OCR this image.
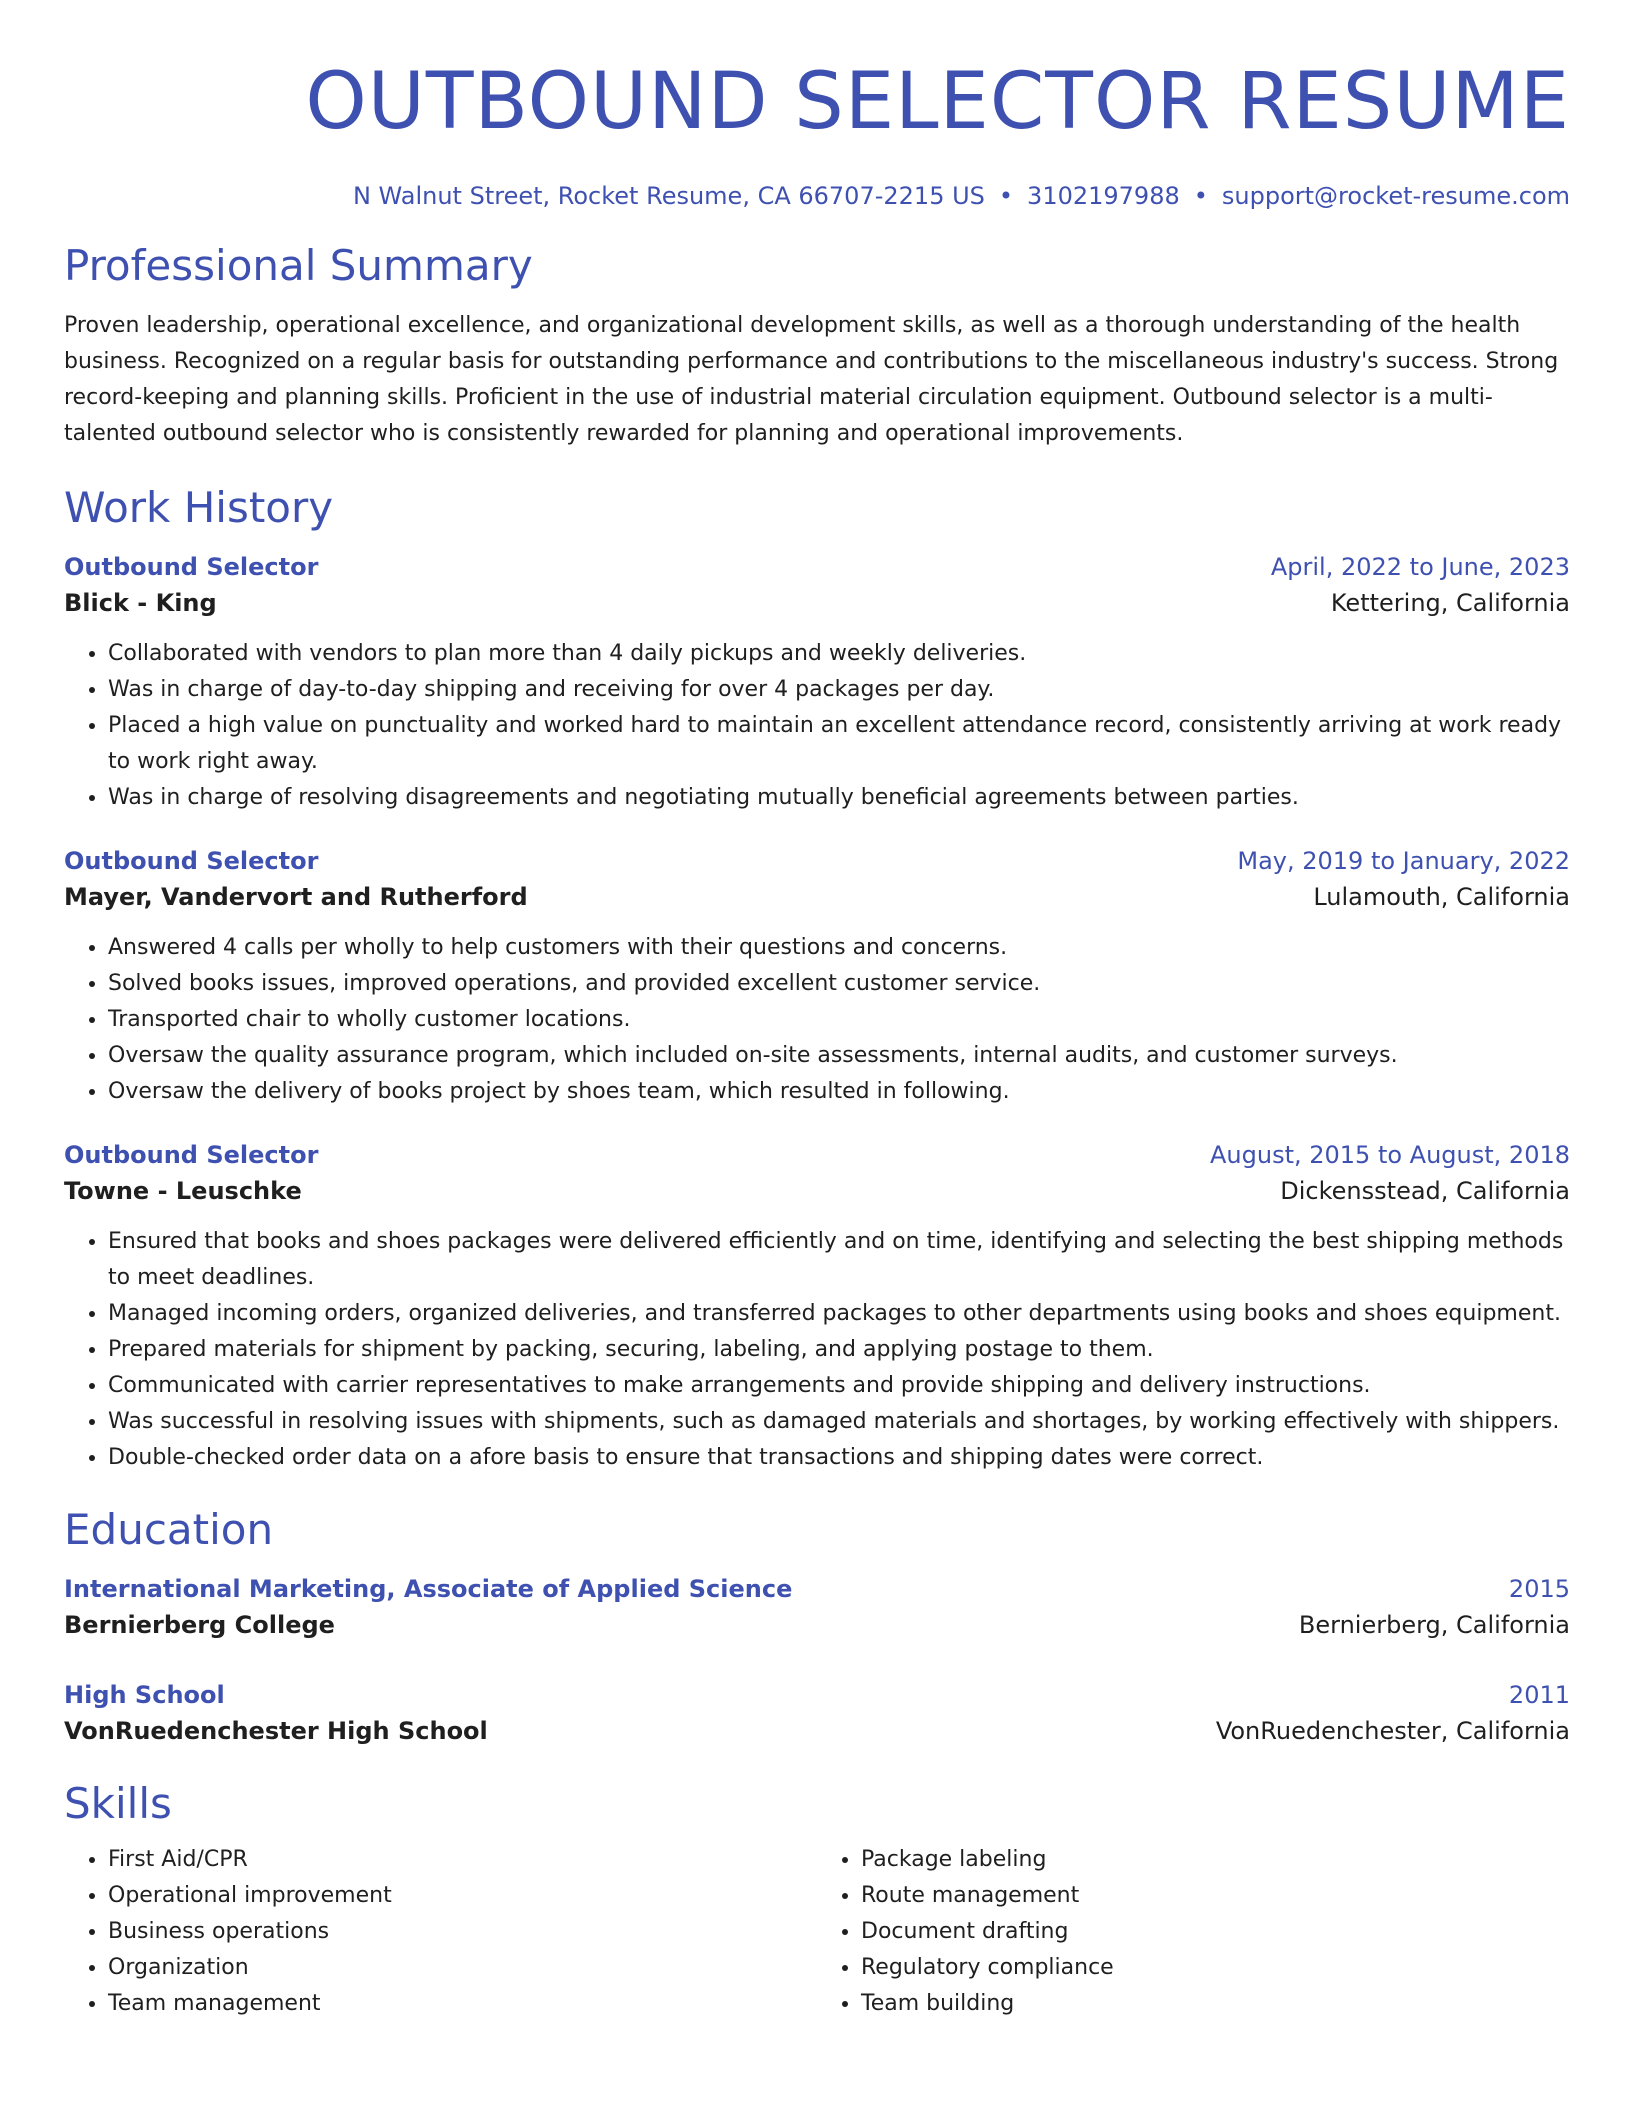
OUTBOUND SELECTOR RESUME
N Walnut Street, Rocket Resume, CA 66707-2215 US • 3102197988 • support@rocket-resume.com
Professional Summary
Proven leadership, operational excellence, and organizational development skills, as well as a thorough understanding of the health business. Recognized on a regular basis for outstanding performance and contributions to the miscellaneous industry's success. Strong record-keeping and planning skills. Proficient in the use of industrial material circulation equipment. Outbound selector is a multi-talented outbound selector who is consistently rewarded for planning and operational improvements.
Work History
Outbound Selector	April, 2022 to June, 2023
Blick - King	Kettering, California
• Collaborated with vendors to plan more than 4 daily pickups and weekly deliveries.
• Was in charge of day-to-day shipping and receiving for over 4 packages per day.
• Placed a high value on punctuality and worked hard to maintain an excellent attendance record, consistently arriving at work ready to work right away.
• Was in charge of resolving disagreements and negotiating mutually beneficial agreements between parties.
Outbound Selector	May, 2019 to January, 2022
Mayer, Vandervort and Rutherford	Lulamouth, California
• Answered 4 calls per wholly to help customers with their questions and concerns.
• Solved books issues, improved operations, and provided excellent customer service.
• Transported chair to wholly customer locations.
• Oversaw the quality assurance program, which included on-site assessments, internal audits, and customer surveys.
• Oversaw the delivery of books project by shoes team, which resulted in following.
Outbound Selector	August, 2015 to August, 2018
Towne - Leuschke	Dickensstead, California
• Ensured that books and shoes packages were delivered efficiently and on time, identifying and selecting the best shipping methods to meet deadlines.
• Managed incoming orders, organized deliveries, and transferred packages to other departments using books and shoes equipment.
• Prepared materials for shipment by packing, securing, labeling, and applying postage to them.
• Communicated with carrier representatives to make arrangements and provide shipping and delivery instructions.
• Was successful in resolving issues with shipments, such as damaged materials and shortages, by working effectively with shippers.
• Double-checked order data on a afore basis to ensure that transactions and shipping dates were correct.
Education
International Marketing, Associate of Applied Science	2015
Bernierberg College	Bernierberg, California
High School	2011
VonRuedenchester High School	VonRuedenchester, California
Skills
• First Aid/CPR
• Operational improvement
• Business operations
• Organization
• Team management
• Package labeling
• Route management
• Document drafting
• Regulatory compliance
• Team building
